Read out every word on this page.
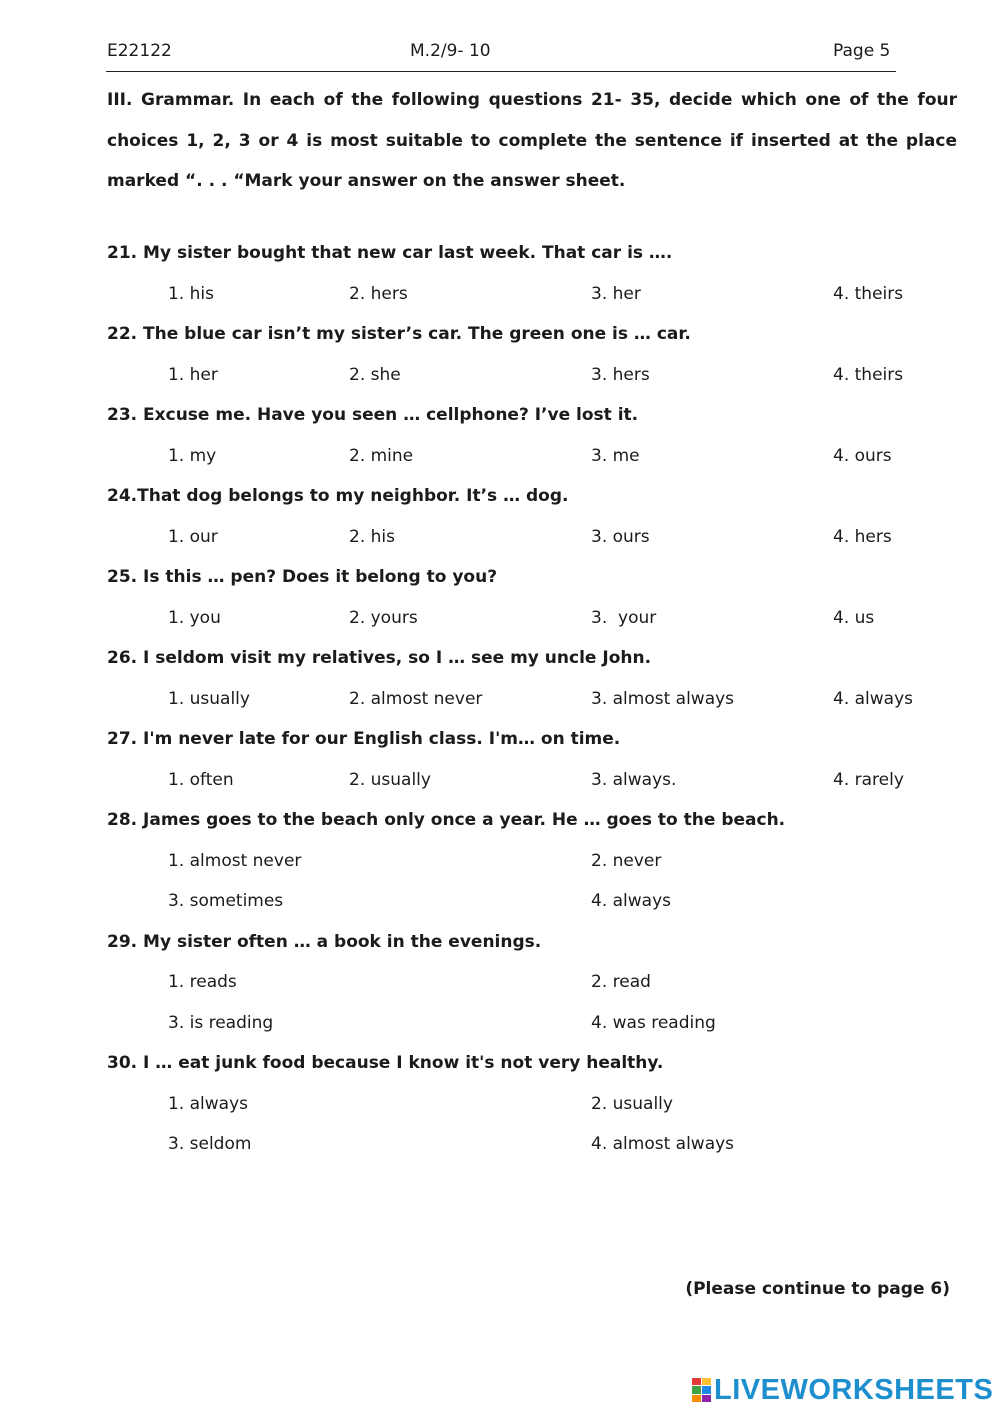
E22122	M.2/9- 10	Page 5
III. Grammar. In each of the following questions 21- 35, decide which one of the four choices 1, 2, 3 or 4 is most suitable to complete the sentence if inserted at the place marked “. . . “Mark your answer on the answer sheet.
21. My sister bought that new car last week. That car is ….
1. his	2. hers	3. her	4. theirs
22. The blue car isn’t my sister’s car. The green one is … car.
1. her	2. she	3. hers	4. theirs
23. Excuse me. Have you seen … cellphone? I’ve lost it.
1. my	2. mine	3. me	4. ours
24.That dog belongs to my neighbor. It’s … dog.
1. our	2. his	3. ours	4. hers
25. Is this … pen? Does it belong to you?
1. you	2. yours	3.  your	4. us
26. I seldom visit my relatives, so I … see my uncle John.
1. usually	2. almost never	3. almost always	4. always
27. I'm never late for our English class. I'm… on time.
1. often	2. usually	3. always.	4. rarely
28. James goes to the beach only once a year. He … goes to the beach.
1. almost never	2. never
3. sometimes	4. always
29. My sister often … a book in the evenings.
1. reads	2. read
3. is reading	4. was reading
30. I … eat junk food because I know it's not very healthy.
1. always	2. usually
3. seldom	4. almost always
(Please continue to page 6)
LIVEWORKSHEETS
